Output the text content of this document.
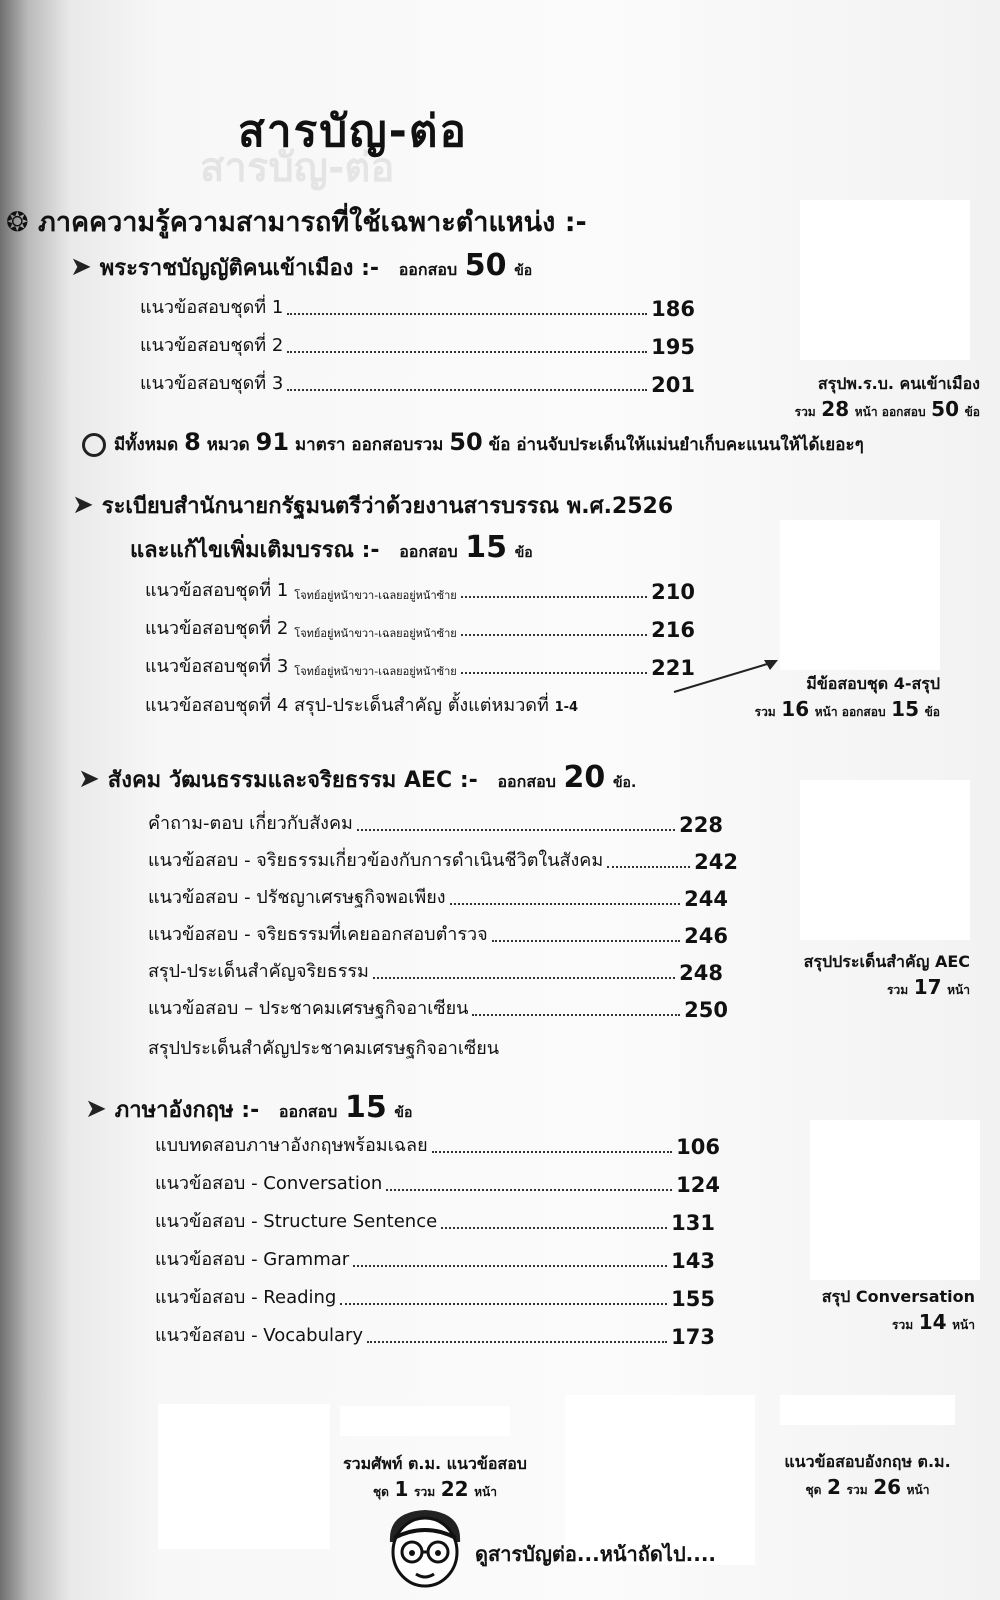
สารบัญ-ต่อ
สารบัญ-ต่อ
❂ ภาคความรู้ความสามารถที่ใช้เฉพาะตำแหน่ง :-
➤ พระราชบัญญัติคนเข้าเมือง :- ออกสอบ 50 ข้อ
แนวข้อสอบชุดที่ 1	186
แนวข้อสอบชุดที่ 2	195
แนวข้อสอบชุดที่ 3	201	สรุปพ.ร.บ. คนเข้าเมือง
รวม 28 หน้า ออกสอบ 50 ข้อ
มีทั้งหมด 8 หมวด 91 มาตรา ออกสอบรวม 50 ข้อ อ่านจับประเด็นให้แม่นยำเก็บคะแนนให้ได้เยอะๆ
➤ ระเบียบสำนักนายกรัฐมนตรีว่าด้วยงานสารบรรณ พ.ศ.2526
และแก้ไขเพิ่มเติมบรรณ :- ออกสอบ 15 ข้อ
แนวข้อสอบชุดที่ 1 โจทย์อยู่หน้าขวา-เฉลยอยู่หน้าซ้าย	210
แนวข้อสอบชุดที่ 2 โจทย์อยู่หน้าขวา-เฉลยอยู่หน้าซ้าย	216
แนวข้อสอบชุดที่ 3 โจทย์อยู่หน้าขวา-เฉลยอยู่หน้าซ้าย	221
แนวข้อสอบชุดที่ 4 สรุป-ประเด็นสำคัญ ตั้งแต่หมวดที่ 1-4
มีข้อสอบชุด 4-สรุป
รวม 16 หน้า ออกสอบ 15 ข้อ
➤ สังคม วัฒนธรรมและจริยธรรม AEC :- ออกสอบ 20 ข้อ.
คำถาม-ตอบ เกี่ยวกับสังคม	228
แนวข้อสอบ - จริยธรรมเกี่ยวข้องกับการดำเนินชีวิตในสังคม	242
แนวข้อสอบ - ปรัชญาเศรษฐกิจพอเพียง	244
แนวข้อสอบ - จริยธรรมที่เคยออกสอบตำรวจ	246
สรุป-ประเด็นสำคัญจริยธรรม	248
แนวข้อสอบ – ประชาคมเศรษฐกิจอาเซียน	250
สรุปประเด็นสำคัญประชาคมเศรษฐกิจอาเซียน
สรุปประเด็นสำคัญ AEC
รวม 17 หน้า
➤ ภาษาอังกฤษ :- ออกสอบ 15 ข้อ
แบบทดสอบภาษาอังกฤษพร้อมเฉลย	106
แนวข้อสอบ - Conversation	124
แนวข้อสอบ - Structure Sentence	131
แนวข้อสอบ - Grammar	143
แนวข้อสอบ - Reading	155
แนวข้อสอบ - Vocabulary	173
สรุป Conversation
รวม 14 หน้า
รวมศัพท์ ต.ม. แนวข้อสอบ
ชุด 1 รวม 22 หน้า
แนวข้อสอบอังกฤษ ต.ม.
ชุด 2 รวม 26 หน้า
ดูสารบัญต่อ...หน้าถัดไป....
